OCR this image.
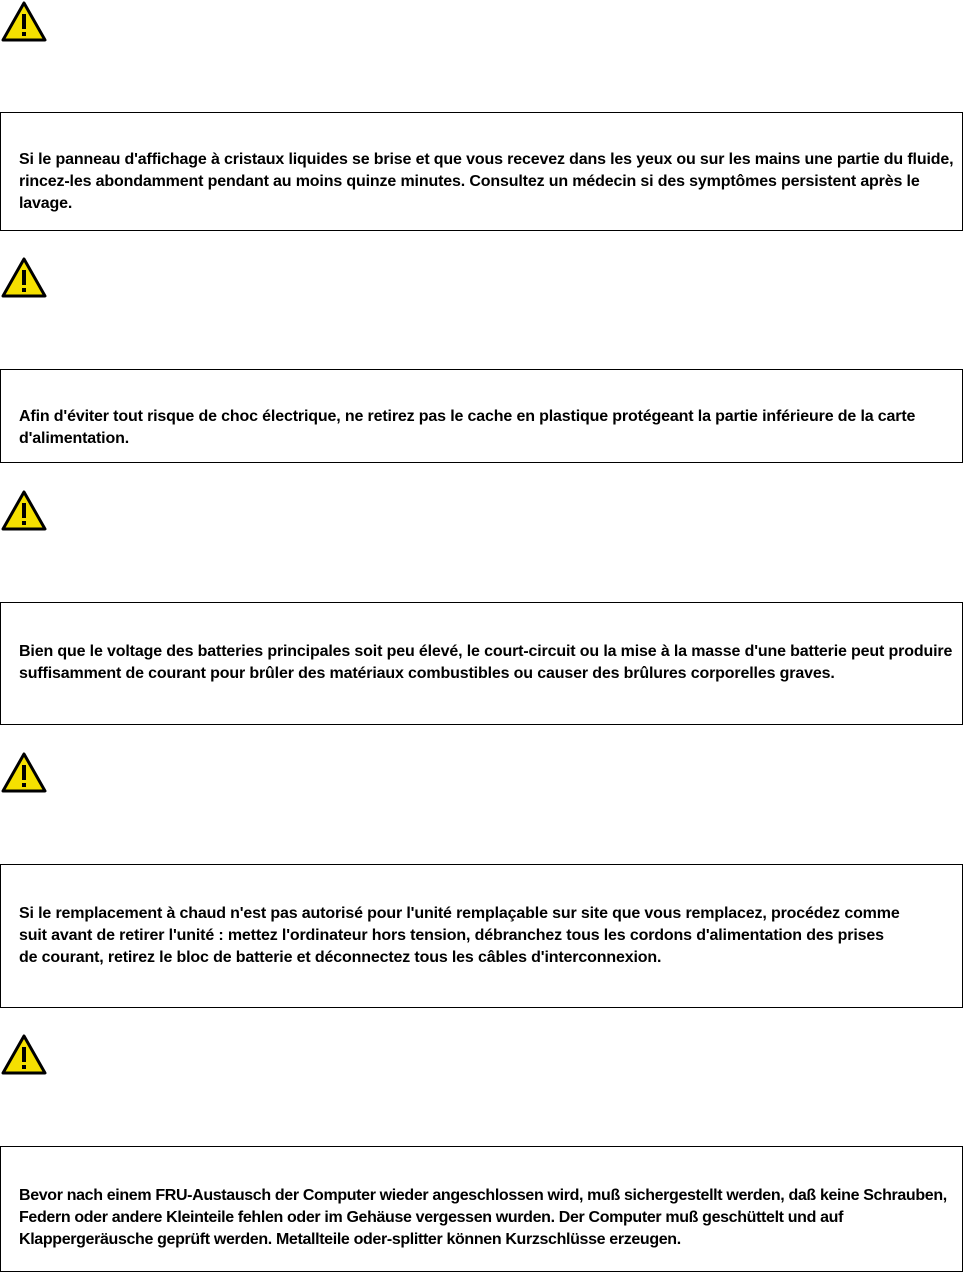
Si le panneau d'affichage à cristaux liquides se brise et que vous recevez dans les yeux ou sur les mains une partie du fluide, rincez-les abondamment pendant au moins quinze minutes. Consultez un médecin si des symptômes persistent après le lavage.

Afin d'éviter tout risque de choc électrique, ne retirez pas le cache en plastique protégeant la partie inférieure de la carte d'alimentation.

Bien que le voltage des batteries principales soit peu élevé, le court-circuit ou la mise à la masse d'une batterie peut produire suffisamment de courant pour brûler des matériaux combustibles ou causer des brûlures corporelles graves.

Si le remplacement à chaud n'est pas autorisé pour l'unité remplaçable sur site que vous remplacez, procédez comme suit avant de retirer l'unité : mettez l'ordinateur hors tension, débranchez tous les cordons d'alimentation des prises de courant, retirez le bloc de batterie et déconnectez tous les câbles d'interconnexion.

Bevor nach einem FRU-Austausch der Computer wieder angeschlossen wird, muß sichergestellt werden, daß keine Schrauben, Federn oder andere Kleinteile fehlen oder im Gehäuse vergessen wurden. Der Computer muß geschüttelt und auf Klappergeräusche geprüft werden. Metallteile oder-splitter können Kurzschlüsse erzeugen.
